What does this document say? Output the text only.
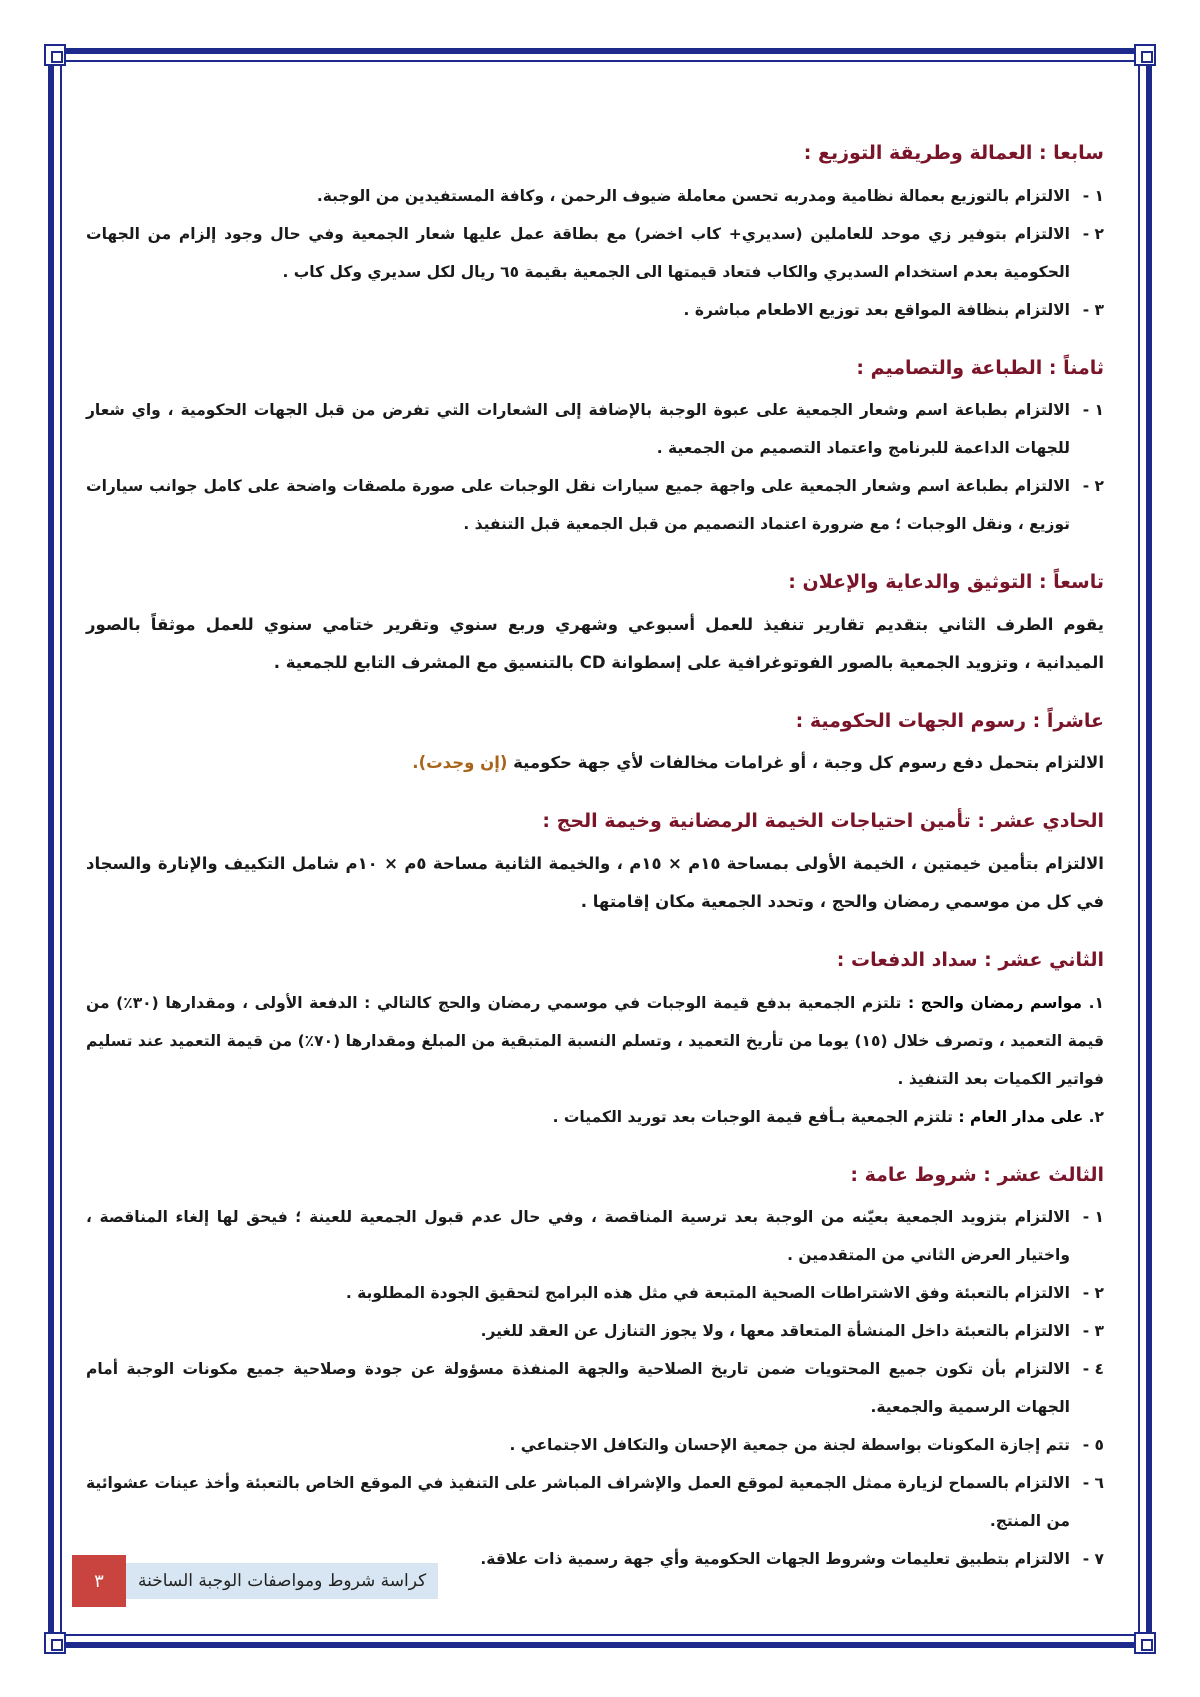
سابعا : العمالة وطريقة التوزيع :
١ -
الالتزام بالتوزيع بعمالة نظامية ومدربه تحسن معاملة ضيوف الرحمن ، وكافة المستفيدين من الوجبة.
٢ -
الالتزام بتوفير زي موحد للعاملين (سديري+ كاب اخضر) مع بطاقة عمل عليها شعار الجمعية وفي حال وجود إلزام من الجهات الحكومية بعدم استخدام السديري والكاب فتعاد قيمتها الى الجمعية بقيمة ٦٥ ريال لكل سديري وكل كاب .
٣ -
الالتزام بنظافة المواقع بعد توزيع الاطعام مباشرة .
ثامناً : الطباعة والتصاميم :
١ -
الالتزام بطباعة اسم وشعار الجمعية على عبوة الوجبة بالإضافة إلى الشعارات التي تفرض من قبل الجهات الحكومية ، واي شعار للجهات الداعمة للبرنامج واعتماد التصميم من الجمعية .
٢ -
الالتزام بطباعة اسم وشعار الجمعية على واجهة جميع سيارات نقل الوجبات على صورة ملصقات واضحة على كامل جوانب سيارات توزيع ، ونقل الوجبات ؛ مع ضرورة اعتماد التصميم من قبل الجمعية قبل التنفيذ .
تاسعاً : التوثيق والدعاية والإعلان :
يقوم الطرف الثاني بتقديم تقارير تنفيذ للعمل أسبوعي وشهري وربع سنوي وتقرير ختامي سنوي للعمل موثقاً بالصور الميدانية ، وتزويد الجمعية بالصور الفوتوغرافية على إسطوانة CD بالتنسيق مع المشرف التابع للجمعية .
عاشراً : رسوم الجهات الحكومية :
الالتزام بتحمل دفع رسوم كل وجبة ، أو غرامات مخالفات لأي جهة حكومية (إن وجدت).
الحادي عشر : تأمين احتياجات الخيمة الرمضانية وخيمة الحج :
الالتزام بتأمين خيمتين ، الخيمة الأولى بمساحة ١٥م × ١٥م ، والخيمة الثانية مساحة ٥م × ١٠م شامل التكييف والإنارة والسجاد في كل من موسمي رمضان والحج ، وتحدد الجمعية مكان إقامتها .
الثاني عشر : سداد الدفعات :
١. مواسم رمضان والحج : تلتزم الجمعية بدفع قيمة الوجبات في موسمي رمضان والحج كالتالي : الدفعة الأولى ، ومقدارها (٣٠٪) من قيمة التعميد ، وتصرف خلال (١٥) يوما من تأريخ التعميد ، وتسلم النسبة المتبقية من المبلغ ومقدارها (٧٠٪) من قيمة التعميد عند تسليم فواتير الكميات بعد التنفيذ .
٢. على مدار العام : تلتزم الجمعية بـأفع قيمة الوجبات بعد توريد الكميات .
الثالث عشر : شروط عامة :
١ -
الالتزام بتزويد الجمعية بعيّنه من الوجبة بعد ترسية المناقصة ، وفي حال عدم قبول الجمعية للعينة ؛ فيحق لها إلغاء المناقصة ، واختيار العرض الثاني من المتقدمين .
٢ -
الالتزام بالتعبئة وفق الاشتراطات الصحية المتبعة في مثل هذه البرامج لتحقيق الجودة المطلوبة .
٣ -
الالتزام بالتعبئة داخل المنشأة المتعاقد معها ، ولا يجوز التنازل عن العقد للغير.
٤ -
الالتزام بأن تكون جميع المحتويات ضمن تاريخ الصلاحية والجهة المنفذة مسؤولة عن جودة وصلاحية جميع مكونات الوجبة أمام الجهات الرسمية والجمعية.
٥ -
تتم إجازة المكونات بواسطة لجنة من جمعية الإحسان والتكافل الاجتماعي .
٦ -
الالتزام بالسماح لزيارة ممثل الجمعية لموقع العمل والإشراف المباشر على التنفيذ في الموقع الخاص بالتعبئة وأخذ عينات عشوائية من المنتج.
٧ -
الالتزام بتطبيق تعليمات وشروط الجهات الحكومية وأي جهة رسمية ذات علاقة.
٣	كراسة شروط ومواصفات الوجبة الساخنة
